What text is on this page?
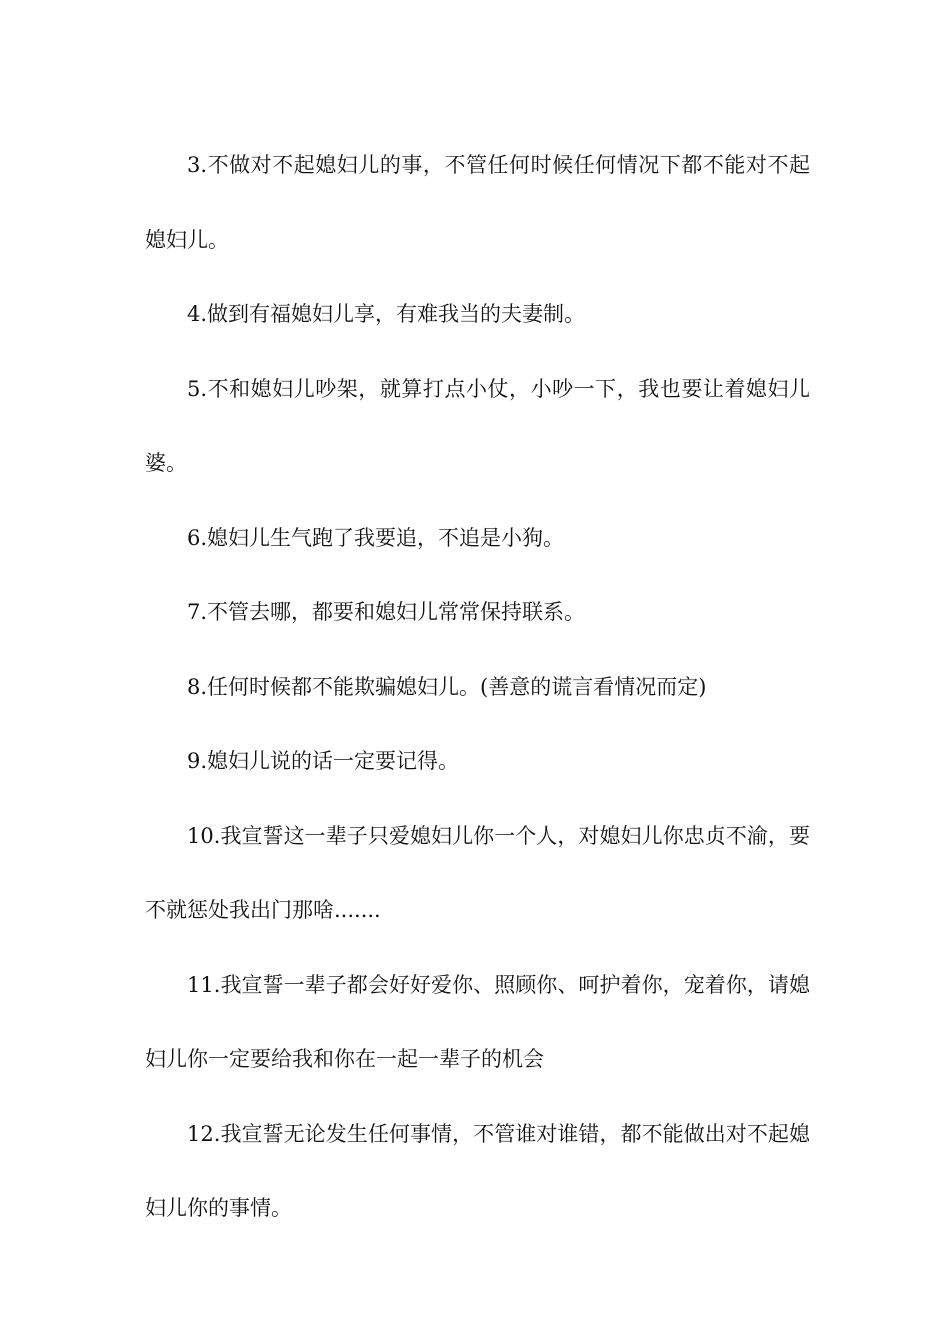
3.不做对不起媳妇儿的事，不管任何时候任何情况下都不能对不起媳妇儿。

4.做到有福媳妇儿享，有难我当的夫妻制。

5.不和媳妇儿吵架，就算打点小仗，小吵一下，我也要让着媳妇儿婆。

6.媳妇儿生气跑了我要追，不追是小狗。

7.不管去哪，都要和媳妇儿常常保持联系。

8.任何时候都不能欺骗媳妇儿。(善意的谎言看情况而定)

9.媳妇儿说的话一定要记得。

10.我宣誓这一辈子只爱媳妇儿你一个人，对媳妇儿你忠贞不渝，要不就惩处我出门那啥.......

11.我宣誓一辈子都会好好爱你、照顾你、呵护着你，宠着你，请媳妇儿你一定要给我和你在一起一辈子的机会

12.我宣誓无论发生任何事情，不管谁对谁错，都不能做出对不起媳妇儿你的事情。
